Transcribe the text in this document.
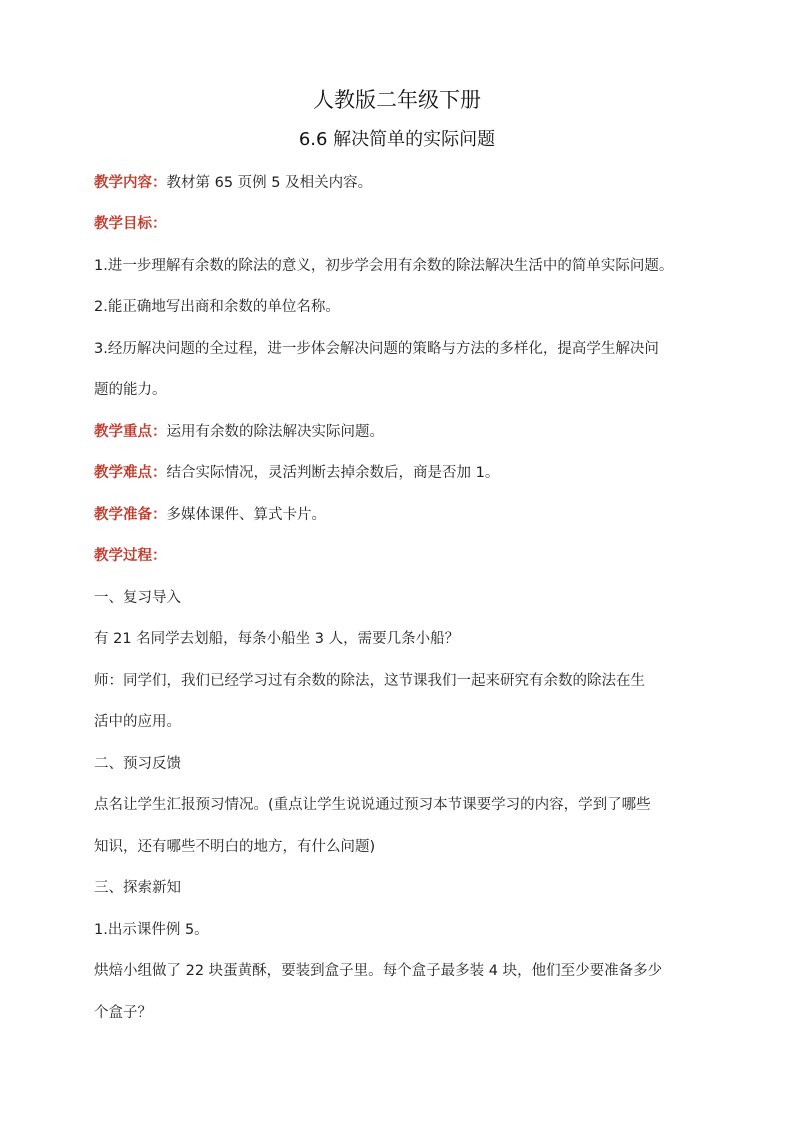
人教版二年级下册
6.6 解决简单的实际问题
教学内容：教材第 65 页例 5 及相关内容。
教学目标：
1.进一步理解有余数的除法的意义，初步学会用有余数的除法解决生活中的简单实际问题。
2.能正确地写出商和余数的单位名称。
3.经历解决问题的全过程，进一步体会解决问题的策略与方法的多样化，提高学生解决问
题的能力。
教学重点：运用有余数的除法解决实际问题。
教学难点：结合实际情况，灵活判断去掉余数后，商是否加 1。
教学准备：多媒体课件、算式卡片。
教学过程：
一、复习导入
有 21 名同学去划船，每条小船坐 3 人，需要几条小船？
师：同学们，我们已经学习过有余数的除法，这节课我们一起来研究有余数的除法在生
活中的应用。
二、预习反馈
点名让学生汇报预习情况。(重点让学生说说通过预习本节课要学习的内容，学到了哪些
知识，还有哪些不明白的地方，有什么问题)
三、探索新知
1.出示课件例 5。
烘焙小组做了 22 块蛋黄酥，要装到盒子里。每个盒子最多装 4 块，他们至少要准备多少
个盒子？
